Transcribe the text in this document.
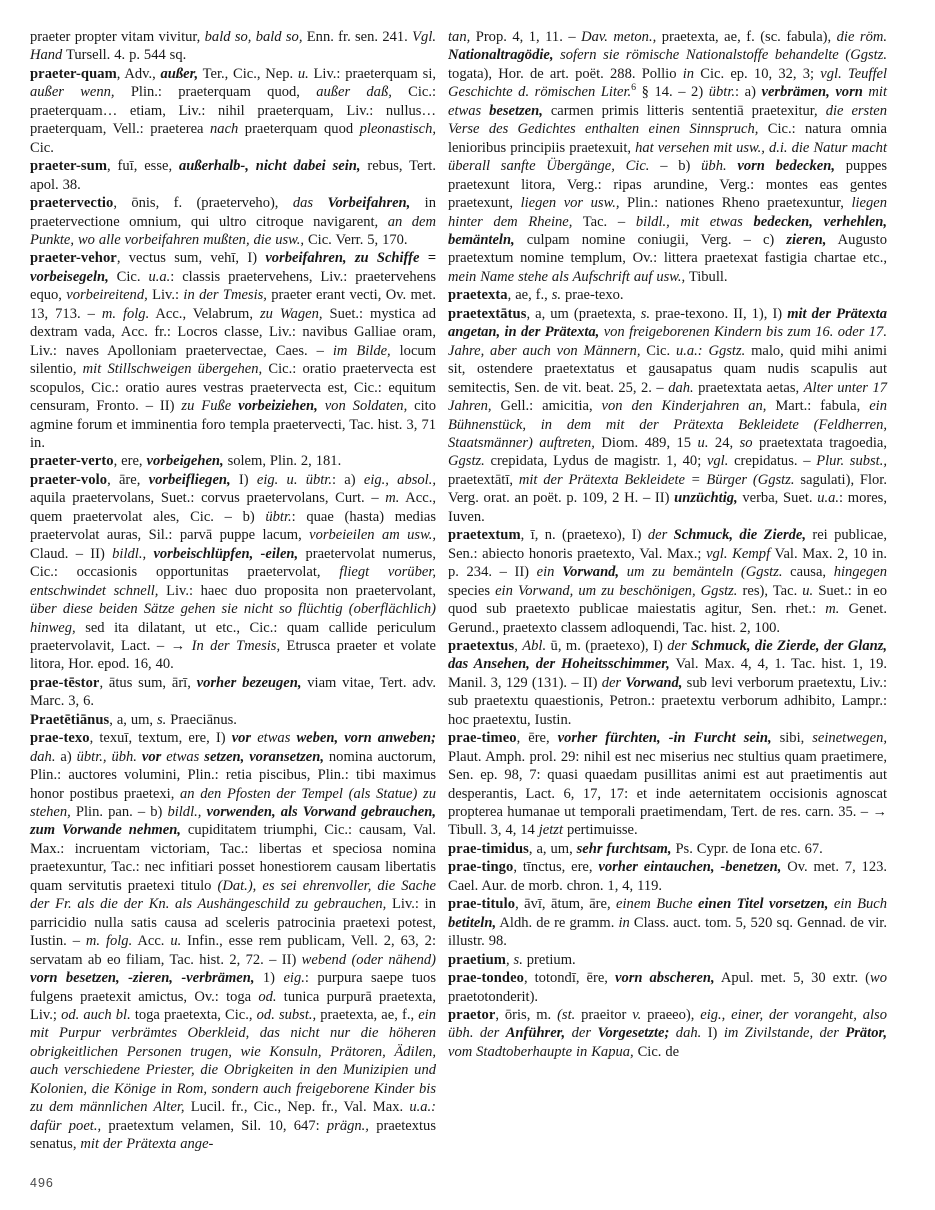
praeter propter vitam vivitur, bald so, bald so, Enn. fr. sen. 241. Vgl. Hand Tursell. 4. p. 544 sq.

praeter-quam, Adv., außer, Ter., Cic., Nep. u. Liv.: praeterquam si, außer wenn, Plin.: praeterquam quod, außer daß, Cic.: praeterquam… etiam, Liv.: nihil praeterquam, Liv.: nullus… praeterquam, Vell.: praeterea nach praeterquam quod pleonastisch, Cic.

praeter-sum, fuī, esse, außerhalb-, nicht dabei sein, rebus, Tert. apol. 38.

praetervectio, ōnis, f. (praeterveho), das Vorbeifahren, in praetervectione omnium, qui ultro citroque navigarent, an dem Punkte, wo alle vorbeifahren mußten, die usw., Cic. Verr. 5, 170.

praeter-vehor, vectus sum, vehī, I) vorbeifahren, zu Schiffe = vorbeisegeln, Cic. u.a.: classis praetervehens, Liv.: praetervehens equo, vorbeireitend, Liv.: in der Tmesis, praeter erant vecti, Ov. met. 13, 713. – m. folg. Acc., Velabrum, zu Wagen, Suet.: mystica ad dextram vada, Acc. fr.: Locros classe, Liv.: navibus Galliae oram, Liv.: naves Apolloniam praetervectae, Caes. – im Bilde, locum silentio, mit Stillschweigen übergehen, Cic.: oratio praetervecta est scopulos, Cic.: oratio aures vestras praetervecta est, Cic.: equitum censuram, Fronto. – II) zu Fuße vorbeiziehen, von Soldaten, cito agmine forum et imminentia foro templa praetervecti, Tac. hist. 3, 71 in.

praeter-verto, ere, vorbeigehen, solem, Plin. 2, 181.

praeter-volo, āre, vorbeifliegen, I) eig. u. übtr.: a) eig., absol., aquila praetervolans, Suet.: corvus praetervolans, Curt. – m. Acc., quem praetervolat ales, Cic. – b) übtr.: quae (hasta) medias praetervolat auras, Sil.: parvā puppe lacum, vorbeieilen am usw., Claud. – II) bildl., vorbeischlüpfen, -eilen, praetervolat numerus, Cic.: occasionis opportunitas praetervolat, fliegt vorüber, entschwindet schnell, Liv.: haec duo proposita non praetervolant, über diese beiden Sätze gehen sie nicht so flüchtig (oberflächlich) hinweg, sed ita dilatant, ut etc., Cic.: quam callide periculum praetervolavit, Lact. – → In der Tmesis, Etrusca praeter et volate litora, Hor. epod. 16, 40.

prae-tēstor, ātus sum, ārī, vorher bezeugen, viam vitae, Tert. adv. Marc. 3, 6.

Praetētiānus, a, um, s. Praeciānus.

prae-texo, texuī, textum, ere, I) vor etwas weben, vorn anweben; dah. a) übtr., übh. vor etwas setzen, voransetzen, nomina auctorum, Plin.: auctores volumini, Plin.: retia piscibus, Plin.: tibi maximus honor postibus praetexi, an den Pfosten der Tempel (als Statue) zu stehen, Plin. pan. – b) bildl., vorwenden, als Vorwand gebrauchen, zum Vorwande nehmen, cupiditatem triumphi, Cic.: causam, Val. Max.: incruentam victoriam, Tac.: libertas et speciosa nomina praetexuntur, Tac.: nec infitiari posset honestiorem causam libertatis quam servitutis praetexi titulo (Dat.), es sei ehrenvoller, die Sache der Fr. als die der Kn. als Aushängeschild zu gebrauchen, Liv.: in parricidio nulla satis causa ad sceleris patrocinia praetexi potest, Iustin. – m. folg. Acc. u. Infin., esse rem publicam, Vell. 2, 63, 2: servatam ab eo filiam, Tac. hist. 2, 72. – II) webend (oder nähend) vorn besetzen, -zieren, -verbrämen, 1) eig.: purpura saepe tuos fulgens praetexit amictus, Ov.: toga od. tunica purpurā praetexta, Liv.; od. auch bl. toga praetexta, Cic., od. subst., praetexta, ae, f., ein mit Purpur verbrämtes Oberkleid, das nicht nur die höheren obrigkeitlichen Personen trugen, wie Konsuln, Prätoren, Ädilen, auch verschiedene Priester, die Obrigkeiten in den Munizipien und Kolonien, die Könige in Rom, sondern auch freigeborene Kinder bis zu dem männlichen Alter, Lucil. fr., Cic., Nep. fr., Val. Max. u.a.: dafür poet., praetextum velamen, Sil. 10, 647: prägn., praetextus senatus, mit der Prätexta ange-

tan, Prop. 4, 1, 11. – Dav. meton., praetexta, ae, f. (sc. fabula), die röm. Nationaltragödie, sofern sie römische Nationalstoffe behandelte (Ggstz. togata), Hor. de art. poët. 288. Pollio in Cic. ep. 10, 32, 3; vgl. Teuffel Geschichte d. römischen Liter.$^6$ § 14. – 2) übtr.: a) verbrämen, vorn mit etwas besetzen, carmen primis litteris sententiā praetexitur, die ersten Verse des Gedichtes enthalten einen Sinnspruch, Cic.: natura omnia lenioribus principiis praetexuit, hat versehen mit usw., d.i. die Natur macht überall sanfte Übergänge, Cic. – b) übh. vorn bedecken, puppes praetexunt litora, Verg.: ripas arundine, Verg.: montes eas gentes praetexunt, liegen vor usw., Plin.: nationes Rheno praetexuntur, liegen hinter dem Rheine, Tac. – bildl., mit etwas bedecken, verhehlen, bemänteln, culpam nomine coniugii, Verg. – c) zieren, Augusto praetextum nomine templum, Ov.: littera praetexat fastigia chartae etc., mein Name stehe als Aufschrift auf usw., Tibull.

praetexta, ae, f., s. prae-texo.

praetextātus, a, um (praetexta, s. prae-texono. II, 1), I) mit der Prätexta angetan, in der Prätexta, von freigeborenen Kindern bis zum 16. oder 17. Jahre, aber auch von Männern, Cic. u.a.: Ggstz. malo, quid mihi animi sit, ostendere praetextatus et gausapatus quam nudis scapulis aut semitectis, Sen. de vit. beat. 25, 2. – dah. praetextata aetas, Alter unter 17 Jahren, Gell.: amicitia, von den Kinderjahren an, Mart.: fabula, ein Bühnenstück, in dem mit der Prätexta Bekleidete (Feldherren, Staatsmänner) auftreten, Diom. 489, 15 u. 24, so praetextata tragoedia, Ggstz. crepidata, Lydus de magistr. 1, 40; vgl. crepidatus. – Plur. subst., praetextātī, mit der Prätexta Bekleidete = Bürger (Ggstz. sagulati), Flor. Verg. orat. an poët. p. 109, 2 H. – II) unzüchtig, verba, Suet. u.a.: mores, Iuven.

praetextum, ī, n. (praetexo), I) der Schmuck, die Zierde, rei publicae, Sen.: abiecto honoris praetexto, Val. Max.; vgl. Kempf Val. Max. 2, 10 in. p. 234. – II) ein Vorwand, um zu bemänteln (Ggstz. causa, hingegen species ein Vorwand, um zu beschönigen, Ggstz. res), Tac. u. Suet.: in eo quod sub praetexto publicae maiestatis agitur, Sen. rhet.: m. Genet. Gerund., praetexto classem adloquendi, Tac. hist. 2, 100.

praetextus, Abl. ū, m. (praetexo), I) der Schmuck, die Zierde, der Glanz, das Ansehen, der Hoheitsschimmer, Val. Max. 4, 4, 1. Tac. hist. 1, 19. Manil. 3, 129 (131). – II) der Vorwand, sub levi verborum praetextu, Liv.: sub praetextu quaestionis, Petron.: praetextu verborum adhibito, Lampr.: hoc praetextu, Iustin.

prae-timeo, ēre, vorher fürchten, -in Furcht sein, sibi, seinetwegen, Plaut. Amph. prol. 29: nihil est nec miserius nec stultius quam praetimere, Sen. ep. 98, 7: quasi quaedam pusillitas animi est aut praetimentis aut desperantis, Lact. 6, 17, 17: et inde aeternitatem occisionis agnoscat propterea humanae ut temporali praetimendam, Tert. de res. carn. 35. – → Tibull. 3, 4, 14 jetzt pertimuisse.

prae-timidus, a, um, sehr furchtsam, Ps. Cypr. de Iona etc. 67.

prae-tingo, tīnctus, ere, vorher eintauchen, -benetzen, Ov. met. 7, 123. Cael. Aur. de morb. chron. 1, 4, 119.

prae-titulo, āvī, ātum, āre, einem Buche einen Titel vorsetzen, ein Buch betiteln, Aldh. de re gramm. in Class. auct. tom. 5, 520 sq. Gennad. de vir. illustr. 98.

praetium, s. pretium.

prae-tondeo, totondī, ēre, vorn abscheren, Apul. met. 5, 30 extr. (wo praetotonderit).

praetor, ōris, m. (st. praeitor v. praeeo), eig., einer, der vorangeht, also übh. der Anführer, der Vorgesetzte; dah. I) im Zivilstande, der Prätor, vom Stadtoberhaupte in Kapua, Cic. de

496
